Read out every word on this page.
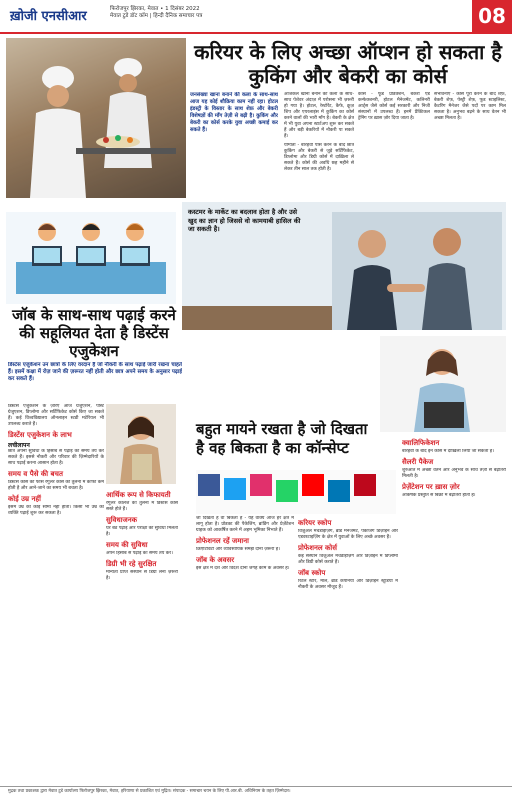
ख़ोजी एनसीआर	फिरोजपुर झिरका, मेवात • 1 दिसंबर 2022
मेवात टुडे डॉट कॉम | हिन्दी दैनिक समाचार पत्र	08
करियर के लिए अच्छा ऑप्शन हो सकता है कुकिंग और बेकरी का कोर्स
जनसंख्या खाना बनाने की कला के साथ-साथ आज यह कोई शौक़िया काम नहीं रहा। होटल इंडस्ट्री के विस्तार के साथ शेफ़ और बेकरी विशेषज्ञों की माँग तेज़ी से बढ़ी है। कुकिंग और बेकरी का कोर्स करके युवा अच्छी कमाई कर सकते हैं।
आजकल खाना बनाने की कला के साथ-साथ पेशेवर अंदाज़ में परोसना भी ज़रूरी हो गया है। होटल, रेस्टोरेंट, कैफे, क्रूज़ शिप और एयरलाइंस में कुकिंग का कोर्स करने वालों की भारी माँग है। बेकरी के क्षेत्र में भी युवा अपना स्टार्टअप शुरू कर सकते हैं और बड़ी बेकरियों में नौकरी पा सकते हैं।
योग्यता - बारहवीं पास करने के बाद छात्र कुकिंग और बेकरी से जुड़े सर्टिफिकेट, डिप्लोमा और डिग्री कोर्स में दाख़िला ले सकते हैं। कोर्स की अवधि छह महीने से लेकर तीन साल तक होती है।
कोर्स - फूड प्रोडक्शन, बेकरी एंड कन्फेक्शनरी, होटल मैनेजमेंट, कलिनरी आर्ट्स जैसे कोर्स कई सरकारी और निजी संस्थानों में उपलब्ध हैं। इनमें प्रैक्टिकल ट्रेनिंग पर ख़ास ज़ोर दिया जाता है।
संभावनाएं - कोर्स पूरा करने के बाद शेफ़, बेकरी शेफ़, पेस्ट्री शेफ़, फूड स्टाइलिस्ट, कैटरिंग मैनेजर जैसे पदों पर काम मिल सकता है। अनुभव बढ़ने के साथ वेतन भी अच्छा मिलता है।
कस्टमर के मार्केट का बदलाव होता है और उसे खुद का ज्ञान हो जिससे वो कामयाबी हासिल की जा सकती है।
जॉब के साथ-साथ पढ़ाई करने की सहूलियत देता है डिस्टेंस एजुकेशन
डिस्टेंस एजुकेशन उन छात्रों के लिए वरदान है जो नौकरी के साथ पढ़ाई जारी रखना चाहते हैं। इसमें कक्षा में रोज़ जाने की ज़रूरत नहीं होती और छात्र अपने समय के अनुसार पढ़ाई कर सकते हैं।
डिस्टेंस एजुकेशन के ज़रिए आज ग्रेजुएशन, पोस्ट ग्रेजुएशन, डिप्लोमा और सर्टिफिकेट कोर्स किए जा सकते हैं। कई विश्वविद्यालय ऑनलाइन स्टडी मटेरियल भी उपलब्ध कराते हैं।
डिस्टेंस एजुकेशन के लाभ
लचीलापन
छात्र अपनी सुविधा के हिसाब से पढ़ाई का समय तय कर सकते हैं। इससे नौकरी और परिवार की ज़िम्मेदारियों के साथ पढ़ाई करना आसान होता है।
समय व पैसे की बचत
डिस्टेंस कोर्स की फीस रेगुलर कोर्स की तुलना में काफी कम होती है और आने-जाने का समय भी बचता है।
कोई उम्र नहीं
इसमें उम्र की कोई सीमा नहीं होती। किसी भी उम्र का व्यक्ति पढ़ाई शुरू कर सकता है।
आर्थिक रूप से किफायती
रेगुलर कॉलेज की तुलना में डिस्टेंस कोर्स सस्ते होते हैं।
सुविधाजनक
घर बैठे पढ़ाई और परीक्षा की सुविधा मिलती है।
समय की सुविधा
अपने हिसाब से पढ़ाई का समय तय करें।
डिग्री भी रहे सुरक्षित
मान्यता प्राप्त संस्थान से डिग्री लेना ज़रूरी है।
बहुत मायने रखता है जो दिखता है वह बिकता है का कॉन्सेप्ट
जो दिखता है वो बिकता है - यह वाक्य आज हर क्षेत्र में लागू होता है। प्रोडक्ट की पैकेजिंग, ब्रांडिंग और प्रेज़ेंटेशन ग्राहक को आकर्षित करने में अहम भूमिका निभाते हैं।
प्रोफेशनल रहें जमाना
क्रिएटिविटी और व्यावसायिक समझ दोनों ज़रूरी हैं।
जॉब के अवसर
इस क्षेत्र में देश और विदेश दोनों जगह काम के अवसर हैं।
करियर स्कोप
विज़ुअल मर्चेंडाइज़िंग, ब्रांड मैनेजमेंट, पैकेजिंग डिज़ाइन और एडवरटाइज़िंग के क्षेत्र में युवाओं के लिए अच्छे अवसर हैं।
प्रोफेशनल कोर्स
कई संस्थान विज़ुअल मर्चेंडाइज़िंग और डिज़ाइन में डिप्लोमा और डिग्री कोर्स कराते हैं।
जॉब स्कोप
रिटेल स्टोर, मॉल, ब्रांड कंपनियों और डिज़ाइन स्टूडियो में नौकरी के अवसर मौजूद हैं।
क्वालिफिकेशन
बारहवीं के बाद इन कोर्स में दाख़िला लिया जा सकता है।
सैलरी पैकेज
शुरुआत में अच्छा वेतन और अनुभव के साथ तेज़ी से बढ़ोतरी मिलती है।
प्रेज़ेंटेशन पर ख़ास ज़ोर
आकर्षक प्रस्तुति से बिक्री में बढ़ोतरी होती है।
मुद्रक तथा प्रकाशक द्वारा मेवात टुडे कार्यालय फिरोजपुर झिरका, मेवात, हरियाणा से प्रकाशित एवं मुद्रित। संपादक - समाचार चयन के लिए पी.आर.बी. अधिनियम के तहत ज़िम्मेदार।
